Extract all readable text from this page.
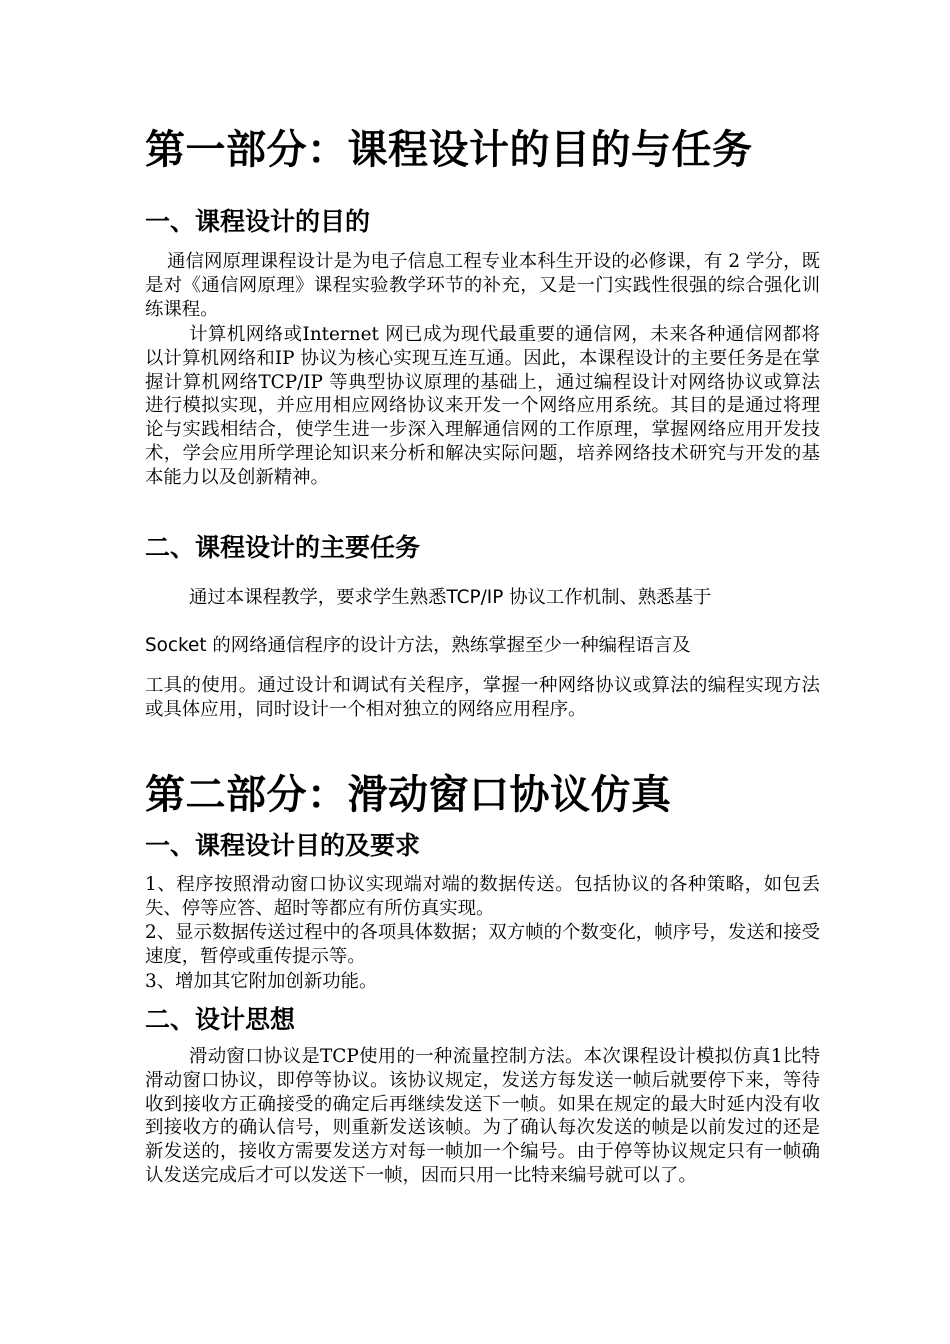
第一部分：课程设计的目的与任务
一、课程设计的目的

通信网原理课程设计是为电子信息工程专业本科生开设的必修课，有 2 学分，既是对《通信网原理》课程实验教学环节的补充，又是一门实践性很强的综合强化训练课程。

计算机网络或Internet 网已成为现代最重要的通信网，未来各种通信网都将以计算机网络和IP 协议为核心实现互连互通。因此，本课程设计的主要任务是在掌握计算机网络TCP/IP 等典型协议原理的基础上，通过编程设计对网络协议或算法进行模拟实现，并应用相应网络协议来开发一个网络应用系统。其目的是通过将理论与实践相结合，使学生进一步深入理解通信网的工作原理，掌握网络应用开发技术，学会应用所学理论知识来分析和解决实际问题，培养网络技术研究与开发的基本能力以及创新精神。

二、课程设计的主要任务
通过本课程教学，要求学生熟悉TCP/IP 协议工作机制、熟悉基于
Socket 的网络通信程序的设计方法，熟练掌握至少一种编程语言及

工具的使用。通过设计和调试有关程序，掌握一种网络协议或算法的编程实现方法或具体应用，同时设计一个相对独立的网络应用程序。

第二部分：滑动窗口协议仿真
一、课程设计目的及要求

1、程序按照滑动窗口协议实现端对端的数据传送。包括协议的各种策略，如包丢失、停等应答、超时等都应有所仿真实现。

2、显示数据传送过程中的各项具体数据；双方帧的个数变化，帧序号，发送和接受速度，暂停或重传提示等。

3、增加其它附加创新功能。

二、设计思想

滑动窗口协议是TCP使用的一种流量控制方法。本次课程设计模拟仿真1比特滑动窗口协议，即停等协议。该协议规定，发送方每发送一帧后就要停下来，等待收到接收方正确接受的确定后再继续发送下一帧。如果在规定的最大时延内没有收到接收方的确认信号，则重新发送该帧。为了确认每次发送的帧是以前发过的还是新发送的，接收方需要发送方对每一帧加一个编号。由于停等协议规定只有一帧确认发送完成后才可以发送下一帧，因而只用一比特来编号就可以了。
